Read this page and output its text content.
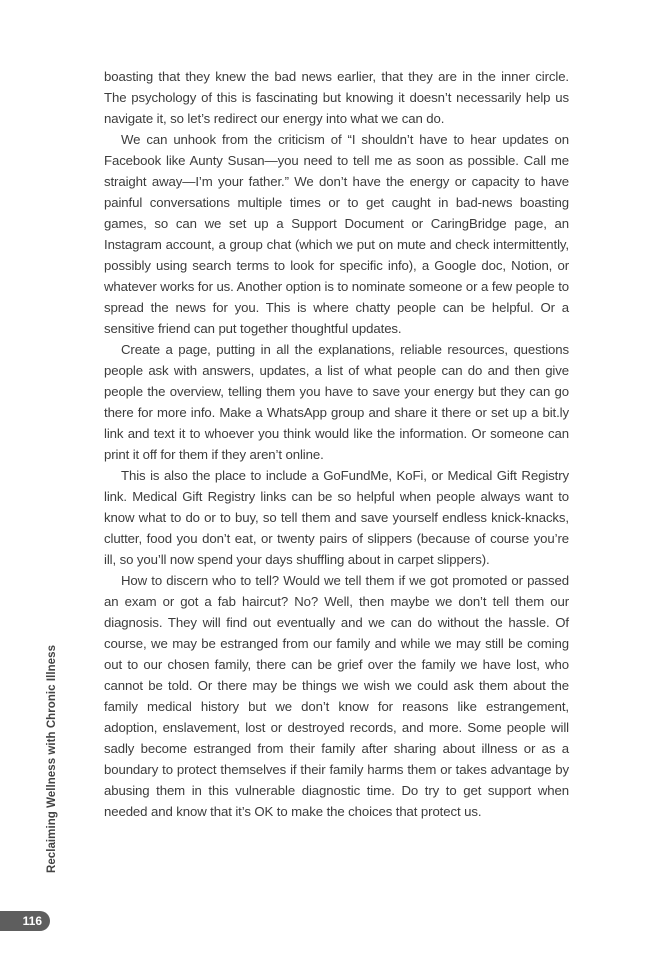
boasting that they knew the bad news earlier, that they are in the inner circle. The psychology of this is fascinating but knowing it doesn’t necessarily help us navigate it, so let’s redirect our energy into what we can do.

We can unhook from the criticism of “I shouldn’t have to hear updates on Facebook like Aunty Susan—you need to tell me as soon as possible. Call me straight away—I’m your father.” We don’t have the energy or capacity to have painful conversations multiple times or to get caught in bad-news boasting games, so can we set up a Support Document or CaringBridge page, an Instagram account, a group chat (which we put on mute and check intermittently, possibly using search terms to look for specific info), a Google doc, Notion, or whatever works for us. Another option is to nominate someone or a few people to spread the news for you. This is where chatty people can be helpful. Or a sensitive friend can put together thoughtful updates.

Create a page, putting in all the explanations, reliable resources, questions people ask with answers, updates, a list of what people can do and then give people the overview, telling them you have to save your energy but they can go there for more info. Make a WhatsApp group and share it there or set up a bit.ly link and text it to whoever you think would like the information. Or someone can print it off for them if they aren’t online.

This is also the place to include a GoFundMe, KoFi, or Medical Gift Registry link. Medical Gift Registry links can be so helpful when people always want to know what to do or to buy, so tell them and save yourself endless knick-knacks, clutter, food you don’t eat, or twenty pairs of slippers (because of course you’re ill, so you’ll now spend your days shuffling about in carpet slippers).

How to discern who to tell? Would we tell them if we got promoted or passed an exam or got a fab haircut? No? Well, then maybe we don’t tell them our diagnosis. They will find out eventually and we can do without the hassle. Of course, we may be estranged from our family and while we may still be coming out to our chosen family, there can be grief over the family we have lost, who cannot be told. Or there may be things we wish we could ask them about the family medical history but we don’t know for reasons like estrangement, adoption, enslavement, lost or destroyed records, and more. Some people will sadly become estranged from their family after sharing about illness or as a boundary to protect themselves if their family harms them or takes advantage by abusing them in this vulnerable diagnostic time. Do try to get support when needed and know that it’s OK to make the choices that protect us.

Reclaiming Wellness with Chronic Illness
116
